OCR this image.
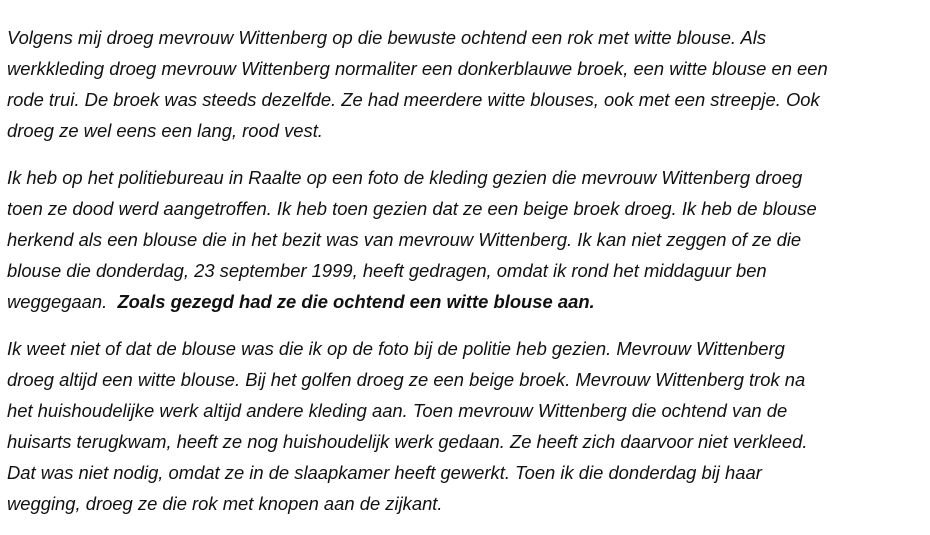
Volgens mij droeg mevrouw Wittenberg op die bewuste ochtend een rok met witte blouse. Als
werkkleding droeg mevrouw Wittenberg normaliter een donkerblauwe broek, een witte blouse en een
rode trui. De broek was steeds dezelfde. Ze had meerdere witte blouses, ook met een streepje. Ook
droeg ze wel eens een lang, rood vest.

Ik heb op het politiebureau in Raalte op een foto de kleding gezien die mevrouw Wittenberg droeg
toen ze dood werd aangetroffen. Ik heb toen gezien dat ze een beige broek droeg. Ik heb de blouse
herkend als een blouse die in het bezit was van mevrouw Wittenberg. Ik kan niet zeggen of ze die
blouse die donderdag, 23 september 1999, heeft gedragen, omdat ik rond het middaguur ben
weggegaan.  Zoals gezegd had ze die ochtend een witte blouse aan.

Ik weet niet of dat de blouse was die ik op de foto bij de politie heb gezien. Mevrouw Wittenberg
droeg altijd een witte blouse. Bij het golfen droeg ze een beige broek. Mevrouw Wittenberg trok na
het huishoudelijke werk altijd andere kleding aan. Toen mevrouw Wittenberg die ochtend van de
huisarts terugkwam, heeft ze nog huishoudelijk werk gedaan. Ze heeft zich daarvoor niet verkleed.
Dat was niet nodig, omdat ze in de slaapkamer heeft gewerkt. Toen ik die donderdag bij haar
wegging, droeg ze die rok met knopen aan de zijkant.
